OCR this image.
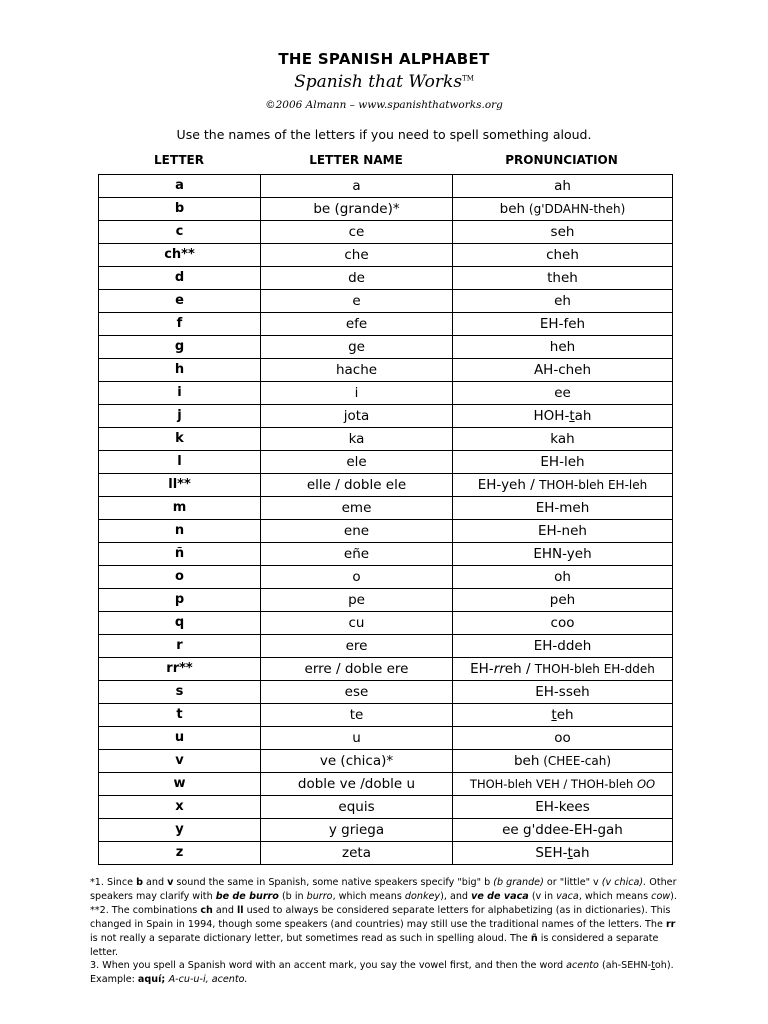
THE SPANISH ALPHABET
Spanish that Works™
©2006 Almann – www.spanishthatworks.org
Use the names of the letters if you need to spell something aloud.
LETTER	LETTER NAME	PRONUNCIATION
a	a	ah
b	be (grande)*	beh (g'DDAHN-theh)
c	ce	seh
ch**	che	cheh
d	de	theh
e	e	eh
f	efe	EH-feh
g	ge	heh
h	hache	AH-cheh
i	i	ee
j	jota	HOH-tah
k	ka	kah
l	ele	EH-leh
ll**	elle / doble ele	EH-yeh / THOH-bleh EH-leh
m	eme	EH-meh
n	ene	EH-neh
ñ	eñe	EHN-yeh
o	o	oh
p	pe	peh
q	cu	coo
r	ere	EH-ddeh
rr**	erre / doble ere	EH-rreh / THOH-bleh EH-ddeh
s	ese	EH-sseh
t	te	teh
u	u	oo
v	ve (chica)*	beh (CHEE-cah)
w	doble ve /doble u	THOH-bleh VEH / THOH-bleh OO
x	equis	EH-kees
y	y griega	ee g'ddee-EH-gah
z	zeta	SEH-tah

*1. Since b and v sound the same in Spanish, some native speakers specify "big" b (b grande) or "little" v (v chica). Other speakers may clarify with be de burro (b in burro, which means donkey), and ve de vaca (v in vaca, which means cow).

**2. The combinations ch and ll used to always be considered separate letters for alphabetizing (as in dictionaries). This changed in Spain in 1994, though some speakers (and countries) may still use the traditional names of the letters. The rr is not really a separate dictionary letter, but sometimes read as such in spelling aloud. The ñ is considered a separate letter.

3. When you spell a Spanish word with an accent mark, you say the vowel first, and then the word acento (ah-SEHN-toh).

Example: aquí; A-cu-u-i, acento.
